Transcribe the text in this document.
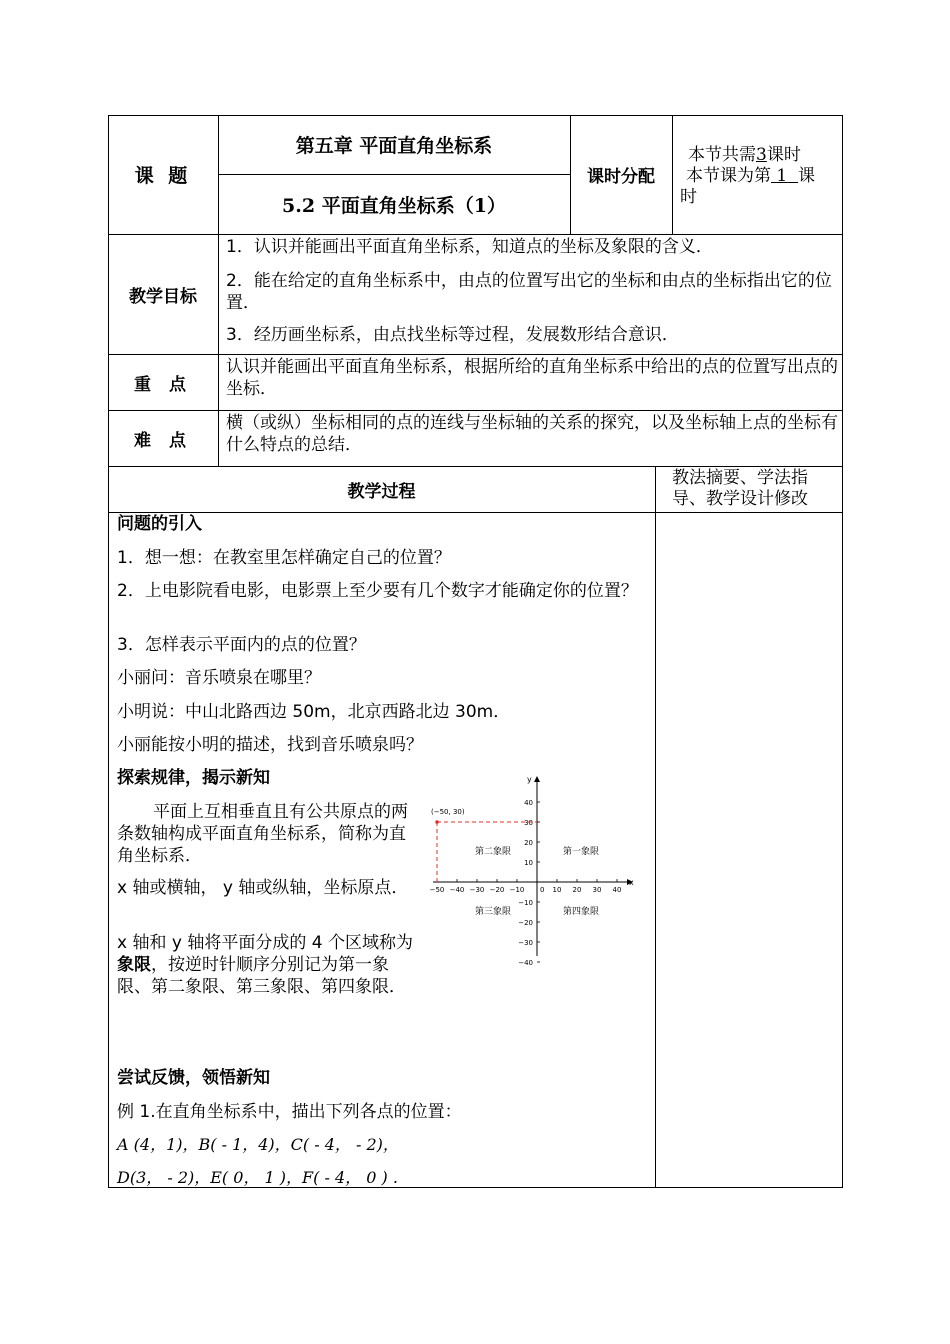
课 题
第五章 平面直角坐标系
5.2 平面直角坐标系（1）
课时分配
本节共需3课时
本节课为第 1 课
时
教学目标
1．认识并能画出平面直角坐标系，知道点的坐标及象限的含义．
2．能在给定的直角坐标系中，由点的位置写出它的坐标和由点的坐标指出它的位置．
3．经历画坐标系，由点找坐标等过程，发展数形结合意识．
重 点
认识并能画出平面直角坐标系，根据所给的直角坐标系中给出的点的位置写出点的坐标．
难 点
横（或纵）坐标相同的点的连线与坐标轴的关系的探究，以及坐标轴上点的坐标有什么特点的总结．
教学过程
教法摘要、学法指导、教学设计修改
问题的引入
1．想一想：在教室里怎样确定自己的位置？
2．上电影院看电影，电影票上至少要有几个数字才能确定你的位置？
3．怎样表示平面内的点的位置？
小丽问：音乐喷泉在哪里？
小明说：中山北路西边 50m，北京西路北边 30m．
小丽能按小明的描述，找到音乐喷泉吗？
探索规律，揭示新知
平面上互相垂直且有公共原点的两条数轴构成平面直角坐标系，简称为直角坐标系．
x 轴或横轴， y 轴或纵轴，坐标原点．
x 轴和 y 轴将平面分成的 4 个区域称为象限，按逆时针顺序分别记为第一象限、第二象限、第三象限、第四象限．
尝试反馈，领悟新知
例 1.在直角坐标系中，描出下列各点的位置：
A (4，1)，B( - 1，4)，C( - 4， - 2)，
D(3， - 2)，E( 0， 1 )，F( - 4， 0 ) .
x
y
−50 −40 −30 −20 −10	10 20 30 40
−40
−30
−20
−10
10
20
30
40
0
(−50, 30)
第一象限
第二象限
第三象限	第四象限
